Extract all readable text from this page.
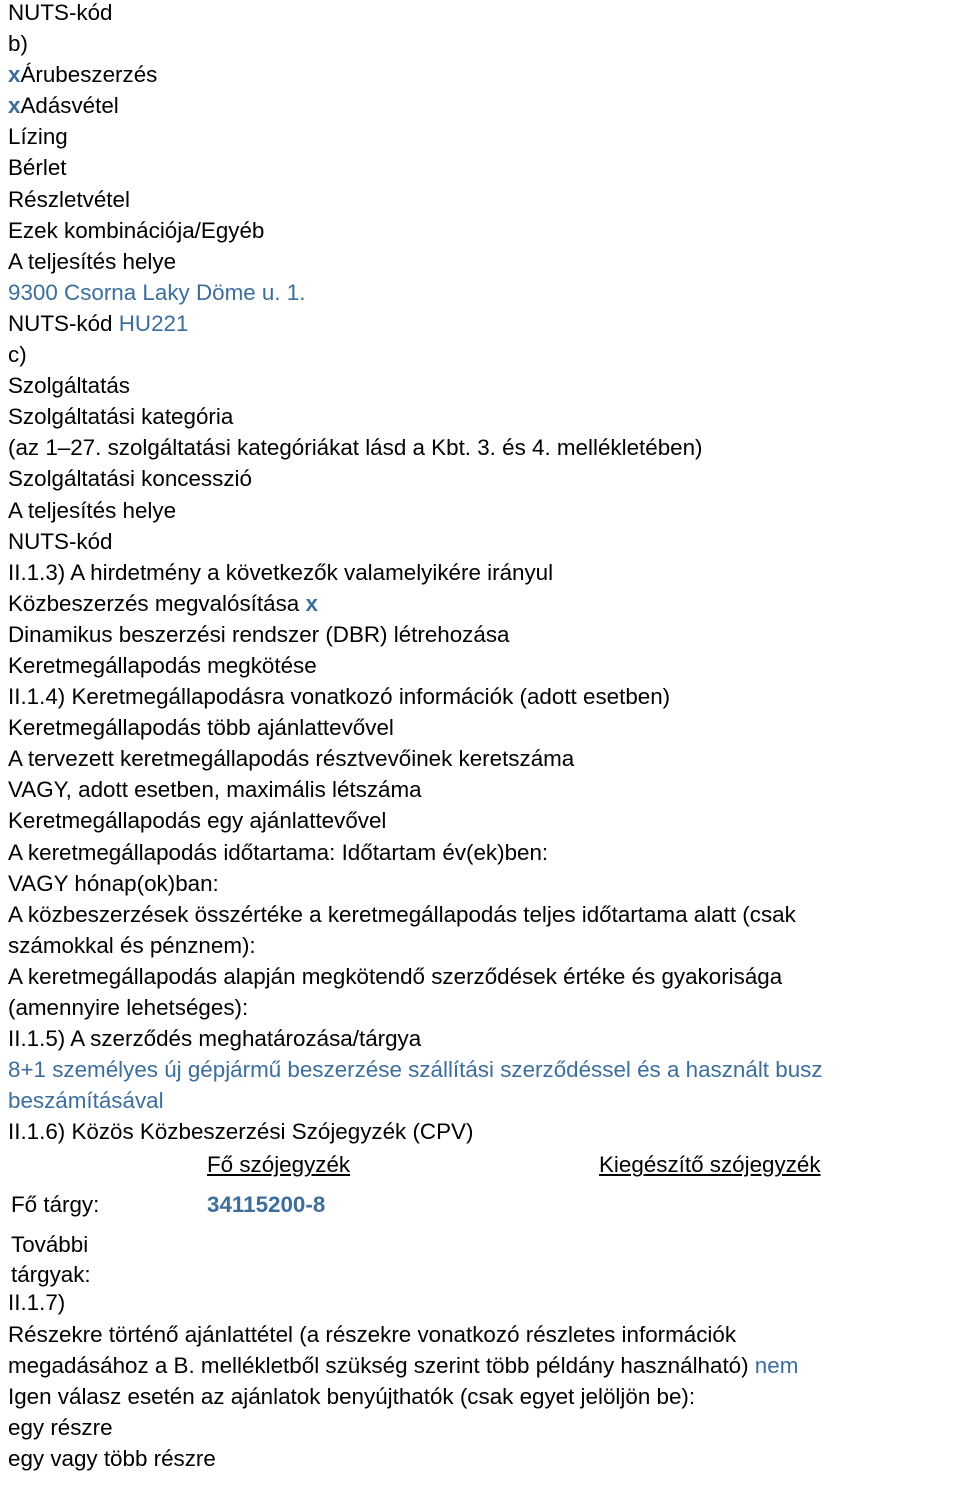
NUTS-kód
b)
xÁrubeszerzés
xAdásvétel
Lízing
Bérlet
Részletvétel
Ezek kombinációja/Egyéb
A teljesítés helye
9300 Csorna Laky Döme u. 1.
NUTS-kód HU221
c)
Szolgáltatás
Szolgáltatási kategória
(az 1–27. szolgáltatási kategóriákat lásd a Kbt. 3. és 4. mellékletében)
Szolgáltatási koncesszió
A teljesítés helye
NUTS-kód
II.1.3) A hirdetmény a következők valamelyikére irányul
Közbeszerzés megvalósítása x
Dinamikus beszerzési rendszer (DBR) létrehozása
Keretmegállapodás megkötése
II.1.4) Keretmegállapodásra vonatkozó információk (adott esetben)
Keretmegállapodás több ajánlattevővel
A tervezett keretmegállapodás résztvevőinek keretszáma
VAGY, adott esetben, maximális létszáma
Keretmegállapodás egy ajánlattevővel
A keretmegállapodás időtartama: Időtartam év(ek)ben:
VAGY hónap(ok)ban:
A közbeszerzések összértéke a keretmegállapodás teljes időtartama alatt (csak
számokkal és pénznem):
A keretmegállapodás alapján megkötendő szerződések értéke és gyakorisága
(amennyire lehetséges):
II.1.5) A szerződés meghatározása/tárgya
8+1 személyes új gépjármű beszerzése szállítási szerződéssel és a használt busz
beszámításával
II.1.6) Közös Közbeszerzési Szójegyzék (CPV)
Fő szójegyzék	Kiegészítő szójegyzék
Fő tárgy:	34115200-8
További tárgyak:
II.1.7)
Részekre történő ajánlattétel (a részekre vonatkozó részletes információk
megadásához a B. mellékletből szükség szerint több példány használható) nem
Igen válasz esetén az ajánlatok benyújthatók (csak egyet jelöljön be):
egy részre
egy vagy több részre
